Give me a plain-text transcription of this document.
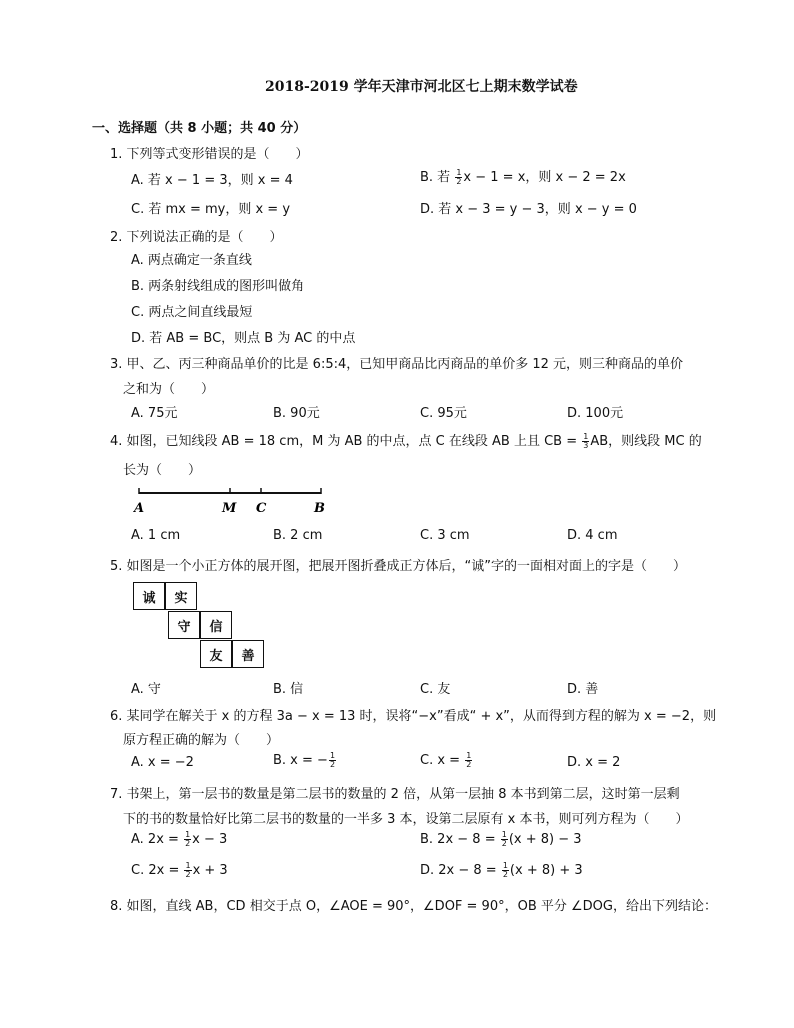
2018-2019 学年天津市河北区七上期末数学试卷
一、选择题（共 8 小题；共 40 分）
1. 下列等式变形错误的是（　　）
A. 若 x − 1 = 3，则 x = 4	B. 若 $\frac{1}{2}$ x − 1 = x，则 x − 2 = 2x
C. 若 mx = my，则 x = y	D. 若 x − 3 = y − 3，则 x − y = 0
2. 下列说法正确的是（　　）
A. 两点确定一条直线
B. 两条射线组成的图形叫做角
C. 两点之间直线最短
D. 若 AB = BC，则点 B 为 AC 的中点
3. 甲、乙、丙三种商品单价的比是 6:5:4，已知甲商品比丙商品的单价多 12 元，则三种商品的单价
之和为（　　）
A. 75元	B. 90元	C. 95元	D. 100元
4. 如图，已知线段 AB = 18 cm，M 为 AB 的中点，点 C 在线段 AB 上且 CB = $\frac{1}{3}$ AB，则线段 MC 的
长为（　　）
A	M C	B
A. 1 cm	B. 2 cm	C. 3 cm	D. 4 cm
5. 如图是一个小正方体的展开图，把展开图折叠成正方体后，“诚”字的一面相对面上的字是（　　）
诚	实
守	信
友	善
A. 守	B. 信	C. 友	D. 善
6. 某同学在解关于 x 的方程 3a − x = 13 时，误将“−x”看成“ + x”，从而得到方程的解为 x = −2，则
原方程正确的解为（　　）
A. x = −2	B. x = − $\frac{1}{2}$	C. $x = \frac{1}{2}$	D. x = 2
7. 书架上，第一层书的数量是第二层书的数量的 2 倍，从第一层抽 8 本书到第二层，这时第一层剩
下的书的数量恰好比第二层书的数量的一半多 3 本，设第二层原有 x 本书，则可列方程为（　　）
A. $2x = \frac{1}{2}$ x − 3	B. $2x - 8 = \frac{1}{2} (x + 8) - 3$
C. $2x = \frac{1}{2}$ x + 3	D. $2x - 8 = \frac{1}{2} (x + 8) + 3$
8. 如图，直线 AB，CD 相交于点 O，∠AOE = 90°，∠DOF = 90°，OB 平分 ∠DOG，给出下列结论：
